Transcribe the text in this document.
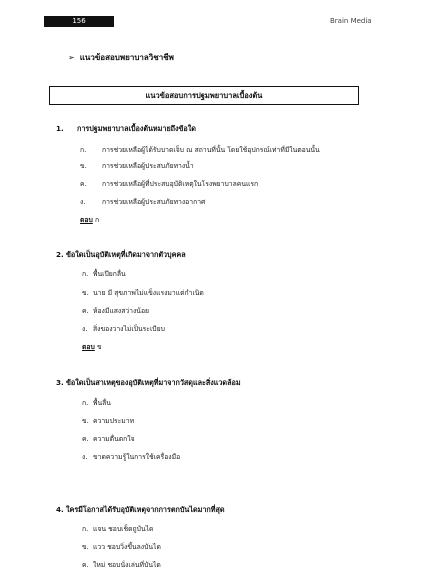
156	Brain Media
➢ แนวข้อสอบพยาบาลวิชาชีพ
แนวข้อสอบการปฐมพยาบาลเบื้องต้น
1. การปฐมพยาบาลเบื้องต้นหมายถึงข้อใด
ก. การช่วยเหลือผู้ได้รับบาดเจ็บ ณ สถานที่นั้น โดยใช้อุปกรณ์เท่าที่มีในตอนนั้น
ข. การช่วยเหลือผู้ประสบภัยทางน้ำ
ค. การช่วยเหลือผู้ที่ประสบอุบัติเหตุในโรงพยาบาลคนแรก
ง. การช่วยเหลือผู้ประสบภัยทางอากาศ
ตอบ ก
2. ข้อใดเป็นอุบัติเหตุที่เกิดมาจากตัวบุคคล
ก. พื้นเปียกลื่น
ข. นาย มี สุขภาพไม่แข็งแรงมาแต่กำเนิด
ค. ห้องมีแสงสว่างน้อย
ง. สิ่งของวางไม่เป็นระเบียบ
ตอบ ข
3. ข้อใดเป็นสาเหตุของอุบัติเหตุที่มาจากวัสดุและสิ่งแวดล้อม
ก. พื้นลื่น
ข. ความประมาท
ค. ความตื่นตกใจ
ง. ขาดความรู้ในการใช้เครื่องมือ
4. ใครมีโอกาสได้รับอุบัติเหตุจากการตกบันไดมากที่สุด
ก. แจน ชอบเช็ดถูบันได
ข. แวว ชอบวิ่งขึ้นลงบันได
ค. ใหม่ ชอบนั่งเล่นที่บันได
